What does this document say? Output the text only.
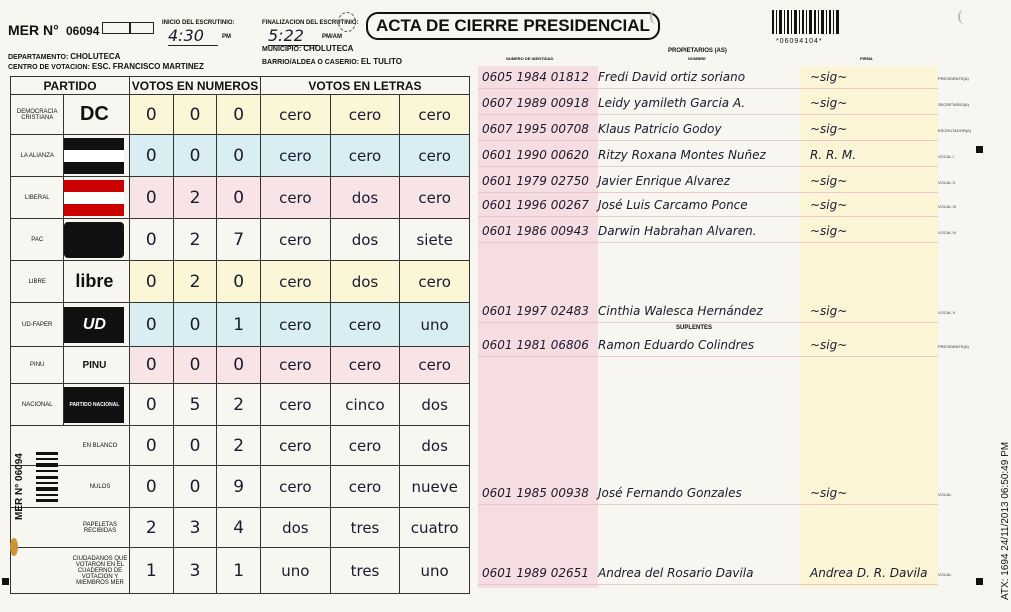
MER N° 06094
INICIO DEL ESCRUTINIO:
4:30	PM
FINALIZACION DEL ESCRUTINIO:
5:22	PM/AM
ACTA DE CIERRE PRESIDENCIAL
*06094104*
DEPARTAMENTO: CHOLUTECA
MUNICIPIO: CHOLUTECA
CENTRO DE VOTACION: ESC. FRANCISCO MARTINEZ	BARRIO/ALDEA O CASERIO: EL TULITO
PARTIDO		VOTOS EN NUMEROS			VOTOS EN LETRAS		
DEMOCRACIA CRISTIANA	DC	0	0	0	cero	cero	cero
LA ALIANZA		0	0	0	cero	cero	cero
LIBERAL		0	2	0	cero	dos	cero
PAC		0	2	7	cero	dos	siete
LIBRE	libre	0	2	0	cero	dos	cero
UD-FAPER	UD	0	0	1	cero	cero	uno
PINU	PINU	0	0	0	cero	cero	cero
NACIONAL	PARTIDO NACIONAL	0	5	2	cero	cinco	dos
EN BLANCO		0	0	2	cero	cero	dos
NULOS		0	0	9	cero	cero	nueve
PAPELETAS RECIBIDAS		2	3	4	dos	tres	cuatro
CIUDADANOS QUE VOTARON EN EL CUADERNO DE VOTACION Y MIEMBROS MER		1	3	1	uno	tres	uno
MER N° 06094
NUMERO DE IDENTIDAD
PROPIETARIOS (AS)
NOMBRE	FIRMA
0605 1984 01812 Fredi David ortiz soriano	~sig~
0607 1989 00918 Leidy yamileth Garcia A.	~sig~
0607 1995 00708 Klaus Patricio Godoy	~sig~
0601 1990 00620 Ritzy Roxana Montes Nuñez	R. R. M.
0601 1979 02750 Javier Enrique Alvarez	~sig~
0601 1996 00267 José Luis Carcamo Ponce	~sig~
0601 1986 00943 Darwin Habrahan Alvaren.	~sig~
0601 1997 02483 Cinthia Walesca Hernández	~sig~
0601 1981 06806 Ramon Eduardo Colindres	~sig~
0601 1985 00938 José Fernando Gonzales	~sig~
0601 1989 02651 Andrea del Rosario Davila	Andrea D. R. Davila
SUPLENTES
ATX: 1694 24/11/2013 06:50:49 PM
PRESIDENTE(A)
SECRETARIO(A)
ESCRUTADOR(A)
VOCAL I
VOCAL II
VOCAL III
VOCAL IV
VOCAL V
PRESIDENTE(A)
VOCAL
VOCAL
